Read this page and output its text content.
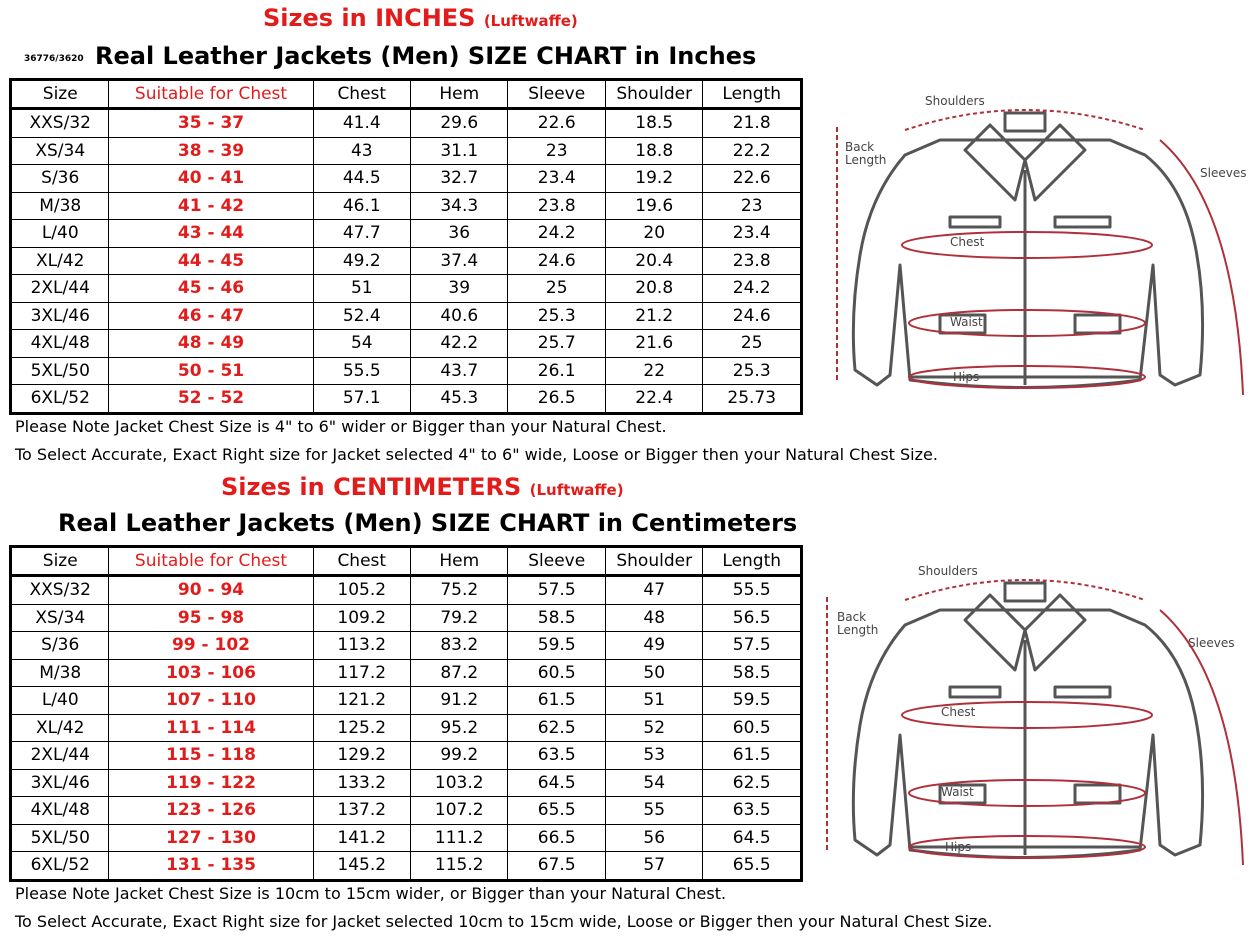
Sizes in INCHES (Luftwaffe)
36776/3620 Real Leather Jackets (Men) SIZE CHART in Inches
Size	Suitable for Chest	Chest	Hem	Sleeve	Shoulder	Length
XXS/32	35 - 37	41.4	29.6	22.6	18.5	21.8
XS/34	38 - 39	43	31.1	23	18.8	22.2
S/36	40 - 41	44.5	32.7	23.4	19.2	22.6
M/38	41 - 42	46.1	34.3	23.8	19.6	23
L/40	43 - 44	47.7	36	24.2	20	23.4
XL/42	44 - 45	49.2	37.4	24.6	20.4	23.8
2XL/44	45 - 46	51	39	25	20.8	24.2
3XL/46	46 - 47	52.4	40.6	25.3	21.2	24.6
4XL/48	48 - 49	54	42.2	25.7	21.6	25
5XL/50	50 - 51	55.5	43.7	26.1	22	25.3
6XL/52	52 - 52	57.1	45.3	26.5	22.4	25.73
Please Note Jacket Chest Size is 4" to 6" wider or Bigger than your Natural Chest.
To Select Accurate, Exact Right size for Jacket selected 4" to 6" wide, Loose or Bigger then your Natural Chest Size.
Sizes in CENTIMETERS (Luftwaffe)
Real Leather Jackets (Men) SIZE CHART in Centimeters
Size	Suitable for Chest	Chest	Hem	Sleeve	Shoulder	Length
XXS/32	90 - 94	105.2	75.2	57.5	47	55.5
XS/34	95 - 98	109.2	79.2	58.5	48	56.5
S/36	99 - 102	113.2	83.2	59.5	49	57.5
M/38	103 - 106	117.2	87.2	60.5	50	58.5
L/40	107 - 110	121.2	91.2	61.5	51	59.5
XL/42	111 - 114	125.2	95.2	62.5	52	60.5
2XL/44	115 - 118	129.2	99.2	63.5	53	61.5
3XL/46	119 - 122	133.2	103.2	64.5	54	62.5
4XL/48	123 - 126	137.2	107.2	65.5	55	63.5
5XL/50	127 - 130	141.2	111.2	66.5	56	64.5
6XL/52	131 - 135	145.2	115.2	67.5	57	65.5
Please Note Jacket Chest Size is 10cm to 15cm wider, or Bigger than your Natural Chest.
To Select Accurate, Exact Right size for Jacket selected 10cm to 15cm wide, Loose or Bigger then your Natural Chest Size.
Shoulders
Back
Length
Sleeves
Chest
Waist
Hips
Shoulders
Back
Length
Sleeves
Chest
Waist
Hips
